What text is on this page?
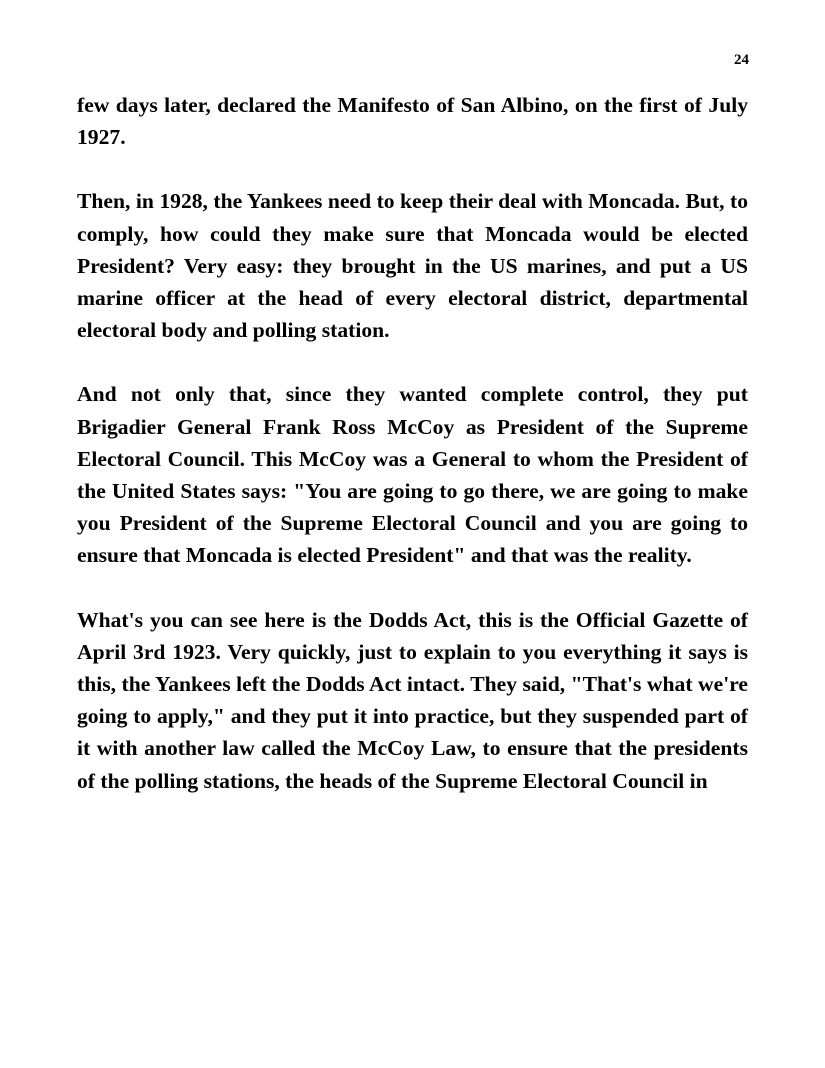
24

few days later, declared the Manifesto of San Albino, on the first of July 1927.

Then, in 1928, the Yankees need to keep their deal with Moncada. But, to comply, how could they make sure that Moncada would be elected President? Very easy: they brought in the US marines, and put a US marine officer at the head of every electoral district, departmental electoral body and polling station.

And not only that, since they wanted complete control, they put Brigadier General Frank Ross McCoy as President of the Supreme Electoral Council. This McCoy was a General to whom the President of the United States says: "You are going to go there, we are going to make you President of the Supreme Electoral Council and you are going to ensure that Moncada is elected President" and that was the reality.

What's you can see here is the Dodds Act, this is the Official Gazette of April 3rd 1923. Very quickly, just to explain to you everything it says is this, the Yankees left the Dodds Act intact. They said, "That's what we're going to apply," and they put it into practice, but they suspended part of it with another law called the McCoy Law, to ensure that the presidents of the polling stations, the heads of the Supreme Electoral Council in
